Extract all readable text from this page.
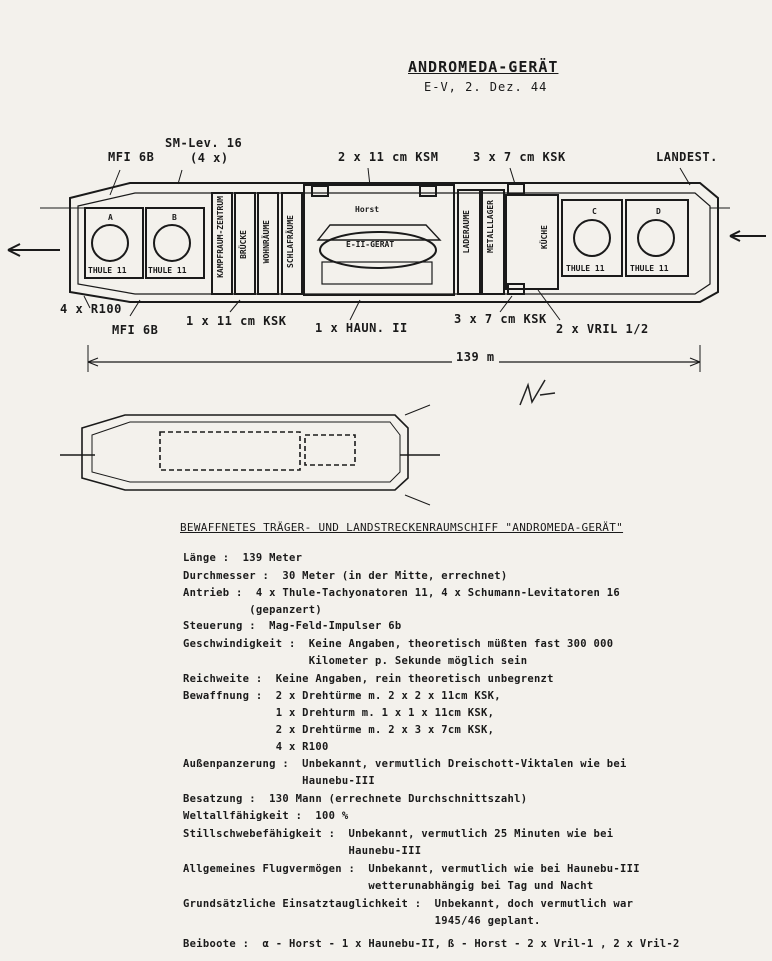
ANDROMEDA-GERÄT
E-V, 2. Dez. 44
MFI 6B
SM-Lev. 16
(4 x)	2 x 11 cm KSM	3 x 7 cm KSK	LANDEST.
4 x R100
MFI 6B
1 x 11 cm KSK 1 x HAUN. II
3 x 7 cm KSK
2 x VRIL 1/2
139 m
THULE 11	THULE 11	THULE 11	THULE 11
E-II-GERÄT
Horst
A	B
C	D
KAMPFRAUM-ZENTRUM BRÜCKE WOHNRÄUME SCHLAFRÄUME	LADERAUME METALLLAGER	KÜCHE
BEWAFFNETES TRÄGER- UND LANDSTRECKENRAUMSCHIFF "ANDROMEDA-GERÄT"
Länge :  139 Meter
Durchmesser :  30 Meter (in der Mitte, errechnet)
Antrieb :  4 x Thule-Tachyonatoren 11, 4 x Schumann-Levitatoren 16
(gepanzert)
Steuerung :  Mag-Feld-Impulser 6b
Geschwindigkeit :  Keine Angaben, theoretisch müßten fast 300 000
Kilometer p. Sekunde möglich sein
Reichweite :  Keine Angaben, rein theoretisch unbegrenzt
Bewaffnung :  2 x Drehtürme m. 2 x 2 x 11cm KSK,
1 x Drehturm m. 1 x 1 x 11cm KSK,
2 x Drehtürme m. 2 x 3 x 7cm KSK,
4 x R100
Außenpanzerung :  Unbekannt, vermutlich Dreischott-Viktalen wie bei
Haunebu-III
Besatzung :  130 Mann (errechnete Durchschnittszahl)
Weltallfähigkeit :  100 %
Stillschwebefähigkeit :  Unbekannt, vermutlich 25 Minuten wie bei
Haunebu-III
Allgemeines Flugvermögen :  Unbekannt, vermutlich wie bei Haunebu-III
wetterunabhängig bei Tag und Nacht
Grundsätzliche Einsatztauglichkeit :  Unbekannt, doch vermutlich war
1945/46 geplant.
Beiboote :  α - Horst - 1 x Haunebu-II, ß - Horst - 2 x Vril-1 , 2 x Vril-2
